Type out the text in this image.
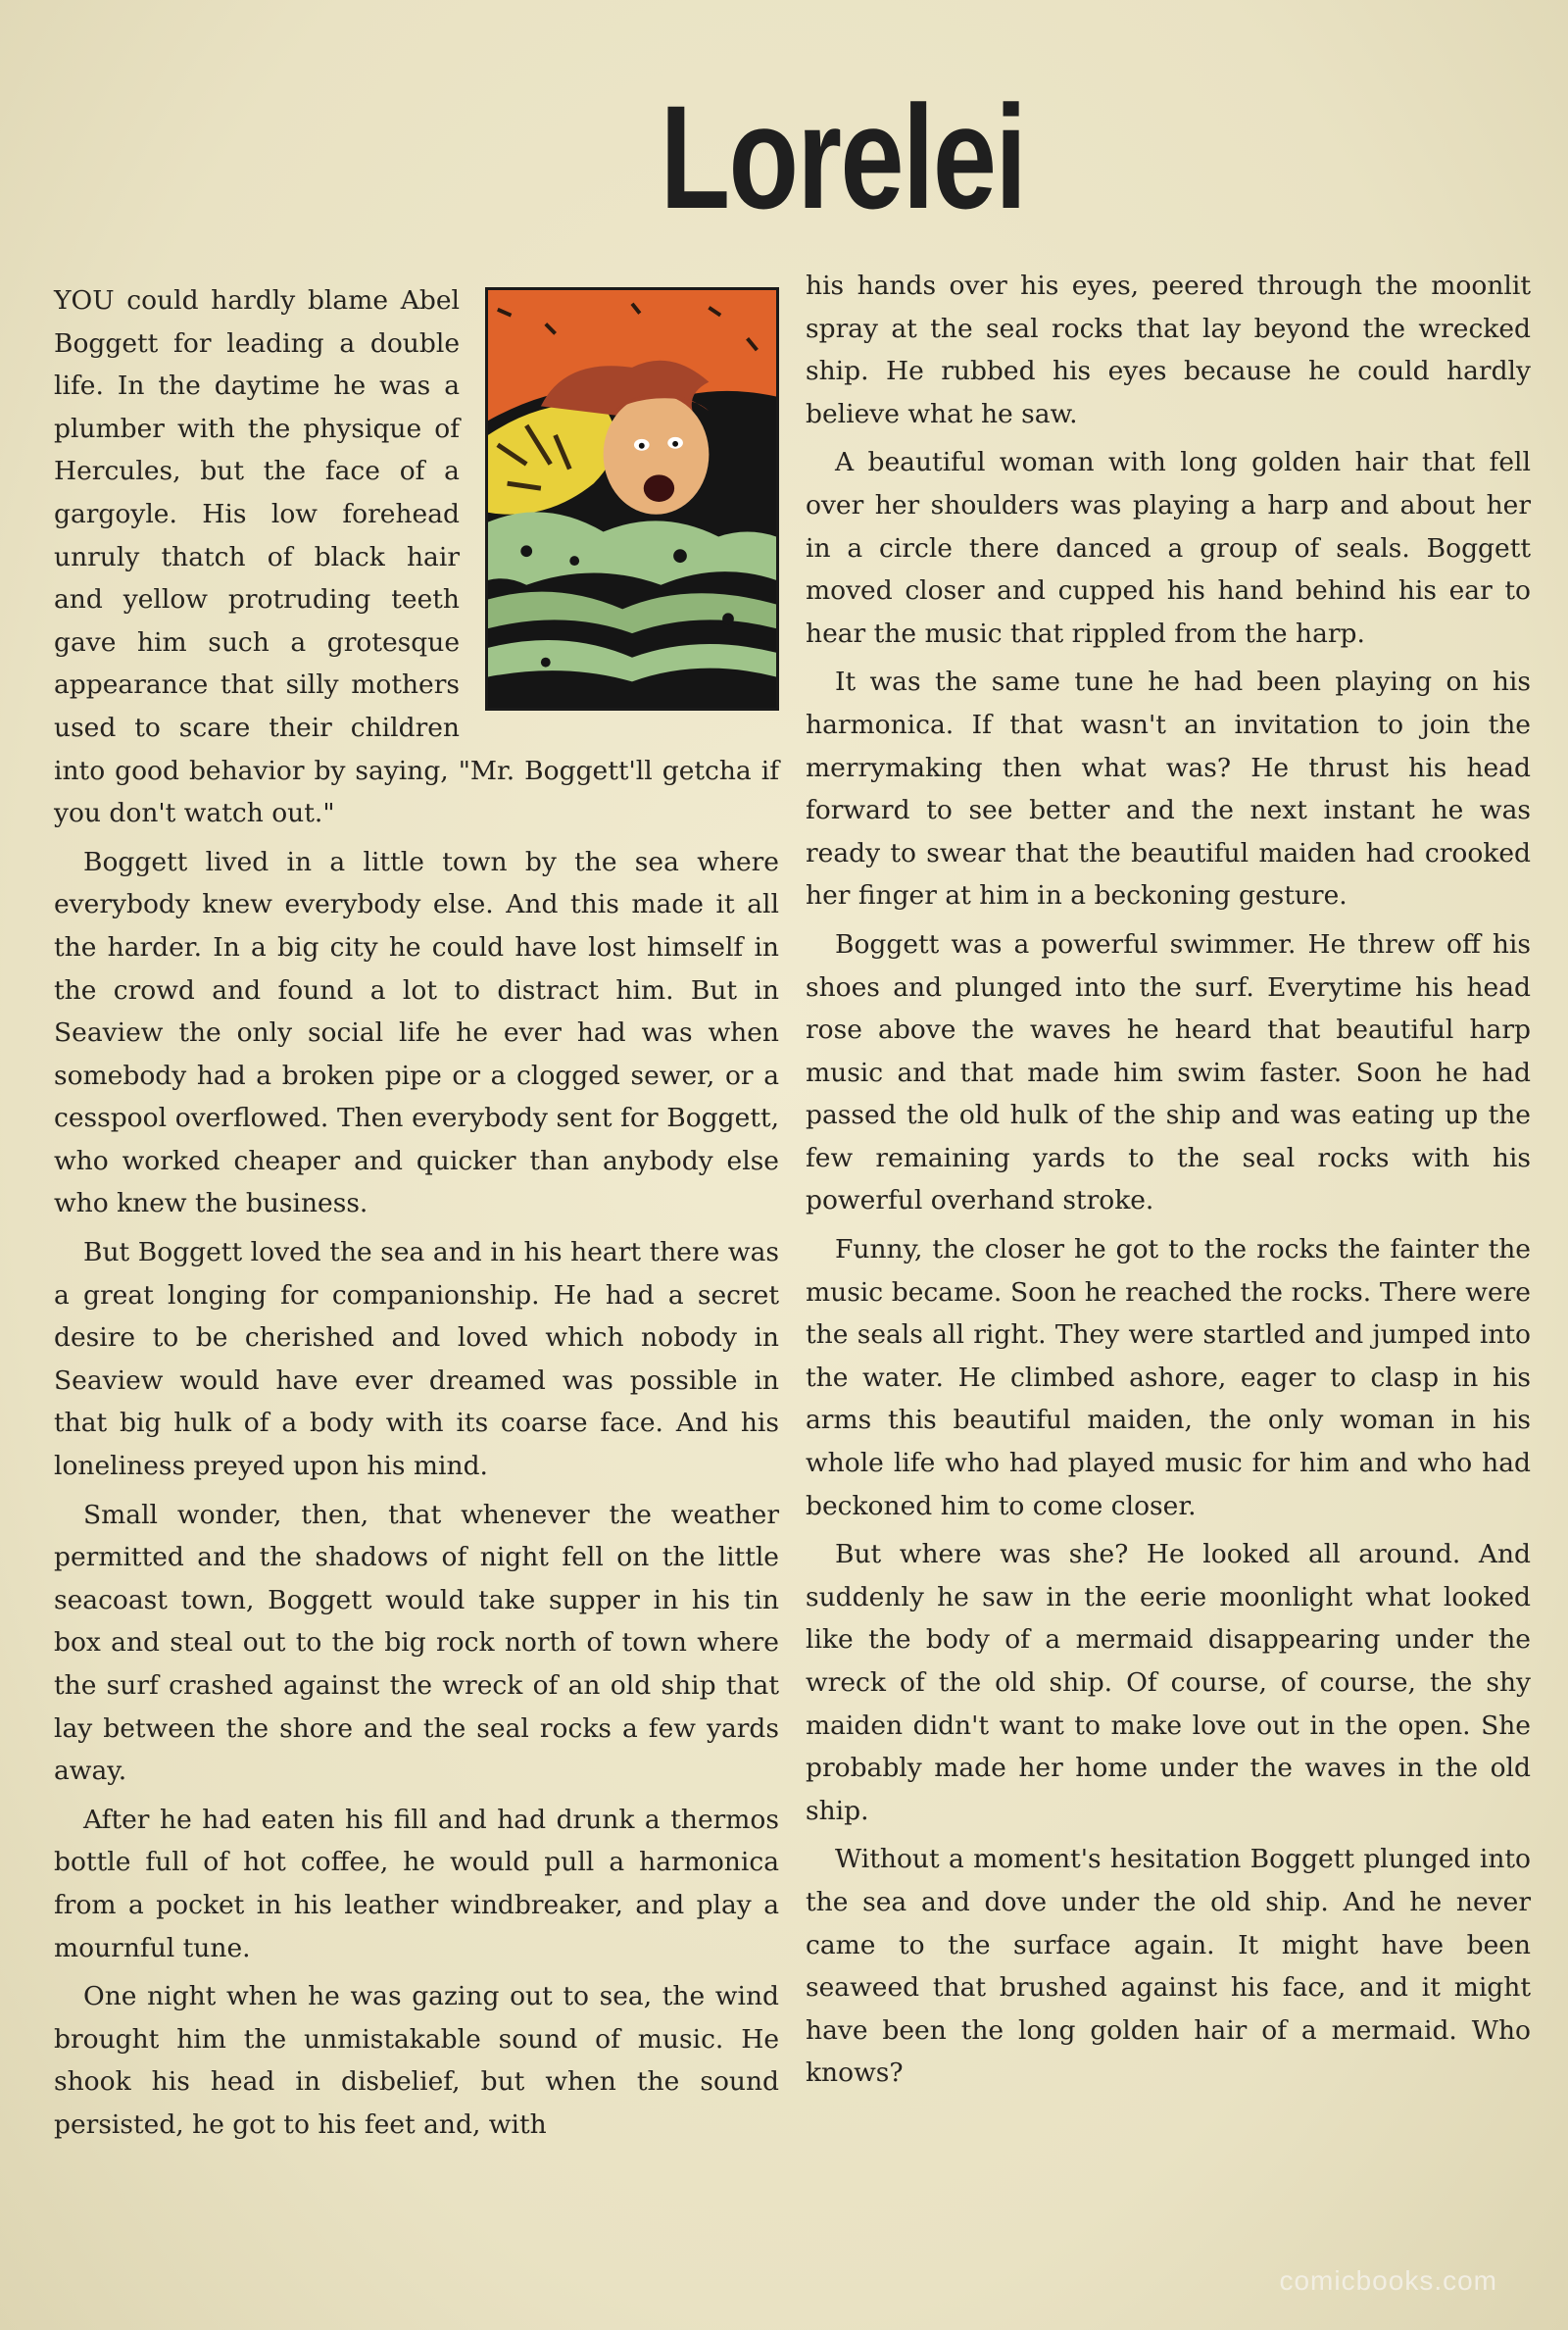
Lorelei

YOU could hardly blame Abel Boggett for leading a double life. In the daytime he was a plumber with the physique of Hercules, but the face of a gargoyle. His low forehead unruly thatch of black hair and yellow protruding teeth gave him such a grotesque appearance that silly mothers used to scare their children into good behavior by saying, "Mr. Boggett'll getcha if you don't watch out."

Boggett lived in a little town by the sea where everybody knew everybody else. And this made it all the harder. In a big city he could have lost himself in the crowd and found a lot to distract him. But in Seaview the only social life he ever had was when somebody had a broken pipe or a clogged sewer, or a cesspool overflowed. Then everybody sent for Boggett, who worked cheaper and quicker than anybody else who knew the business.

But Boggett loved the sea and in his heart there was a great longing for companionship. He had a secret desire to be cherished and loved which nobody in Seaview would have ever dreamed was possible in that big hulk of a body with its coarse face. And his loneliness preyed upon his mind.

Small wonder, then, that whenever the weather permitted and the shadows of night fell on the little seacoast town, Boggett would take supper in his tin box and steal out to the big rock north of town where the surf crashed against the wreck of an old ship that lay between the shore and the seal rocks a few yards away.

After he had eaten his fill and had drunk a thermos bottle full of hot coffee, he would pull a harmonica from a pocket in his leather windbreaker, and play a mournful tune.

One night when he was gazing out to sea, the wind brought him the unmistakable sound of music. He shook his head in disbelief, but when the sound persisted, he got to his feet and, with

his hands over his eyes, peered through the moonlit spray at the seal rocks that lay beyond the wrecked ship. He rubbed his eyes because he could hardly believe what he saw.

A beautiful woman with long golden hair that fell over her shoulders was playing a harp and about her in a circle there danced a group of seals. Boggett moved closer and cupped his hand behind his ear to hear the music that rippled from the harp.

It was the same tune he had been playing on his harmonica. If that wasn't an invitation to join the merrymaking then what was? He thrust his head forward to see better and the next instant he was ready to swear that the beautiful maiden had crooked her finger at him in a beckoning gesture.

Boggett was a powerful swimmer. He threw off his shoes and plunged into the surf. Everytime his head rose above the waves he heard that beautiful harp music and that made him swim faster. Soon he had passed the old hulk of the ship and was eating up the few remaining yards to the seal rocks with his powerful overhand stroke.

Funny, the closer he got to the rocks the fainter the music became. Soon he reached the rocks. There were the seals all right. They were startled and jumped into the water. He climbed ashore, eager to clasp in his arms this beautiful maiden, the only woman in his whole life who had played music for him and who had beckoned him to come closer.

But where was she? He looked all around. And suddenly he saw in the eerie moonlight what looked like the body of a mermaid disappearing under the wreck of the old ship. Of course, of course, the shy maiden didn't want to make love out in the open. She probably made her home under the waves in the old ship.

Without a moment's hesitation Boggett plunged into the sea and dove under the old ship. And he never came to the surface again. It might have been seaweed that brushed against his face, and it might have been the long golden hair of a mermaid. Who knows?

comicbooks.com
